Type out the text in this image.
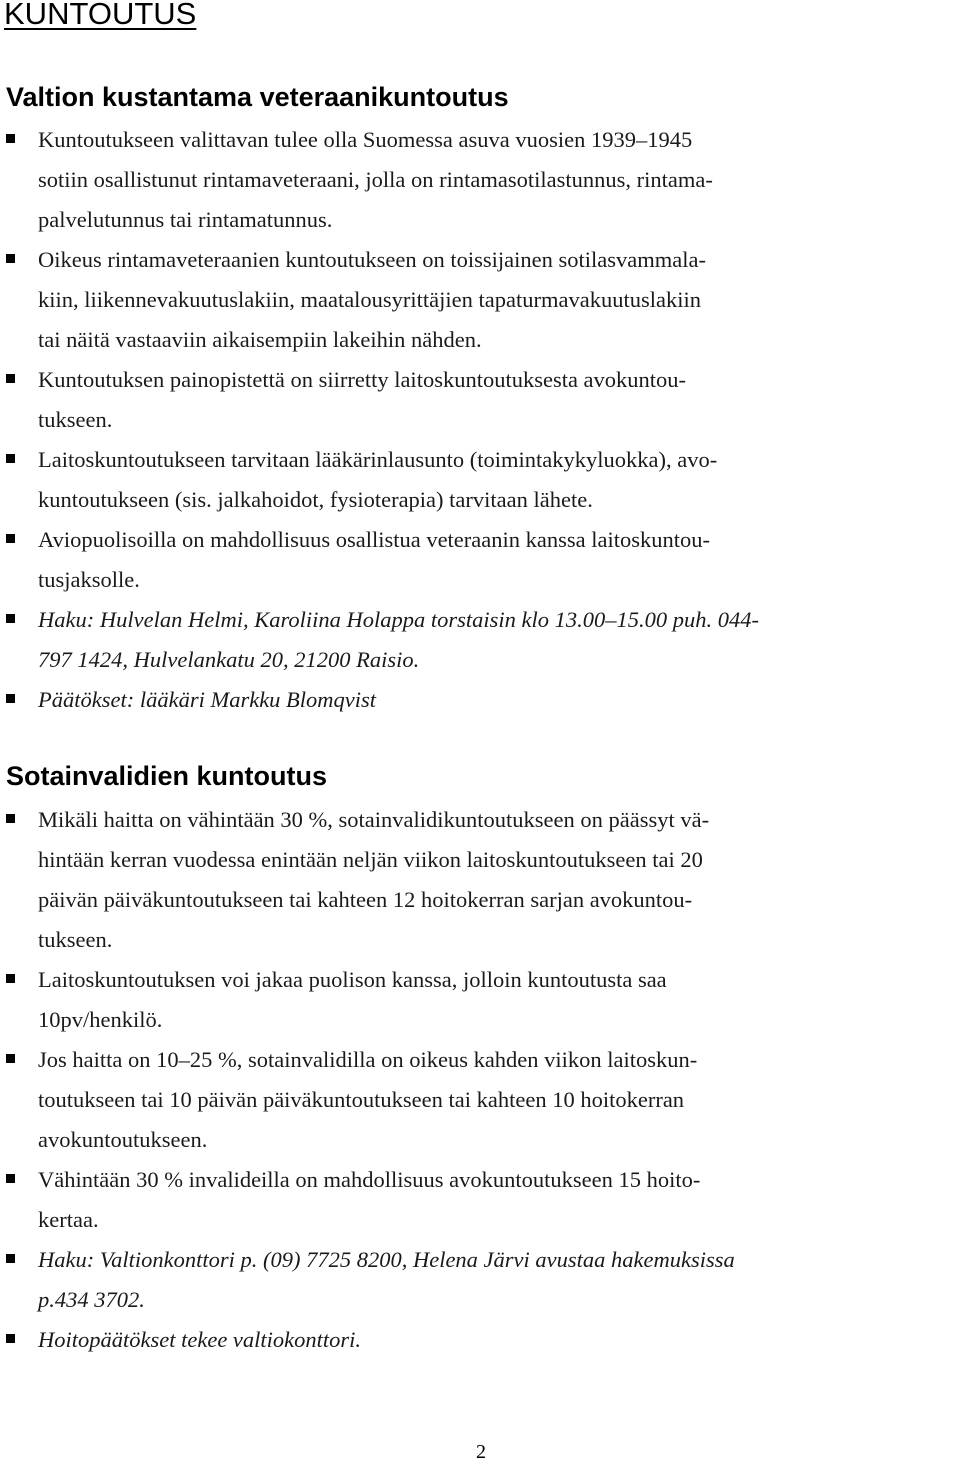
KUNTOUTUS
Valtion kustantama veteraanikuntoutus
Kuntoutukseen valittavan tulee olla Suomessa asuva vuosien 1939–1945
sotiin osallistunut rintamaveteraani, jolla on rintamasotilastunnus, rintama-
palvelutunnus tai rintamatunnus.
Oikeus rintamaveteraanien kuntoutukseen on toissijainen sotilasvammala-
kiin, liikennevakuutuslakiin, maatalousyrittäjien tapaturmavakuutuslakiin
tai näitä vastaaviin aikaisempiin lakeihin nähden.
Kuntoutuksen painopistettä on siirretty laitoskuntoutuksesta avokuntou-
tukseen.
Laitoskuntoutukseen tarvitaan lääkärinlausunto (toimintakykyluokka), avo-
kuntoutukseen (sis. jalkahoidot, fysioterapia) tarvitaan lähete.
Aviopuolisoilla on mahdollisuus osallistua veteraanin kanssa laitoskuntou-
tusjaksolle.
Haku: Hulvelan Helmi, Karoliina Holappa torstaisin klo 13.00–15.00 puh. 044-
797 1424, Hulvelankatu 20, 21200 Raisio.
Päätökset: lääkäri Markku Blomqvist
Sotainvalidien kuntoutus
Mikäli haitta on vähintään 30 %, sotainvalidikuntoutukseen on päässyt vä-
hintään kerran vuodessa enintään neljän viikon laitoskuntoutukseen tai 20
päivän päiväkuntoutukseen tai kahteen 12 hoitokerran sarjan avokuntou-
tukseen.
Laitoskuntoutuksen voi jakaa puolison kanssa, jolloin kuntoutusta saa
10pv/henkilö.
Jos haitta on 10–25 %, sotainvalidilla on oikeus kahden viikon laitoskun-
toutukseen tai 10 päivän päiväkuntoutukseen tai kahteen 10 hoitokerran
avokuntoutukseen.
Vähintään 30 % invalideilla on mahdollisuus avokuntoutukseen 15 hoito-
kertaa.
Haku: Valtionkonttori p. (09) 7725 8200, Helena Järvi avustaa hakemuksissa
p.434 3702.
Hoitopäätökset tekee valtiokonttori.
2
